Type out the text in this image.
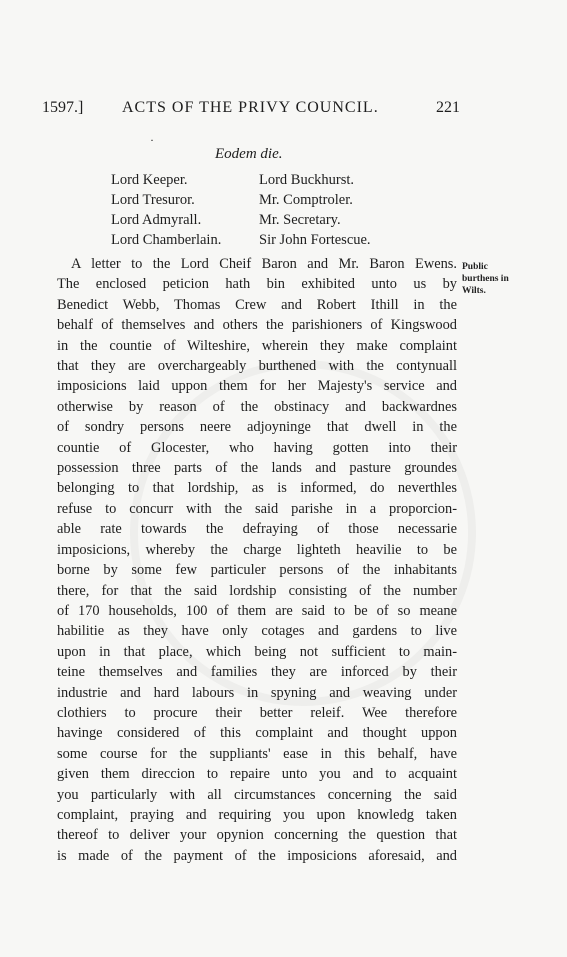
1597.] ACTS OF THE PRIVY COUNCIL.	221
·
Eodem die.
Lord Keeper.	Lord Buckhurst.
Lord Tresuror.	Mr. Comptroler.
Lord Admyrall.	Mr. Secretary.
Lord Chamberlain.	Sir John Fortescue.
Public
burthens in
Wilts.
A letter to the Lord Cheif Baron and Mr. Baron Ewens.
The enclosed peticion hath bin exhibited unto us by
Benedict Webb, Thomas Crew and Robert Ithill in the
behalf of themselves and others the parishioners of Kingswood
in the countie of Wilteshire, wherein they make complaint
that they are overchargeably burthened with the contynuall
imposicions laid uppon them for her Majesty's service and
otherwise by reason of the obstinacy and backwardnes
of sondry persons neere adjoyninge that dwell in the
countie of Glocester, who having gotten into their
possession three parts of the lands and pasture groundes
belonging to that lordship, as is informed, do neverthles
refuse to concurr with the said parishe in a proporcion-
able rate towards the defraying of those necessarie
imposicions, whereby the charge lighteth heavilie to be
borne by some few particuler persons of the inhabitants
there, for that the said lordship consisting of the number
of 170 households, 100 of them are said to be of so meane
habilitie as they have only cotages and gardens to live
upon in that place, which being not sufficient to main-
teine themselves and families they are inforced by their
industrie and hard labours in spyning and weaving under
clothiers to procure their better releif. Wee therefore
havinge considered of this complaint and thought uppon
some course for the suppliants' ease in this behalf, have
given them direccion to repaire unto you and to acquaint
you particularly with all circumstances concerning the said
complaint, praying and requiring you upon knowledg taken
thereof to deliver your opynion concerning the question that
is made of the payment of the imposicions aforesaid, and
